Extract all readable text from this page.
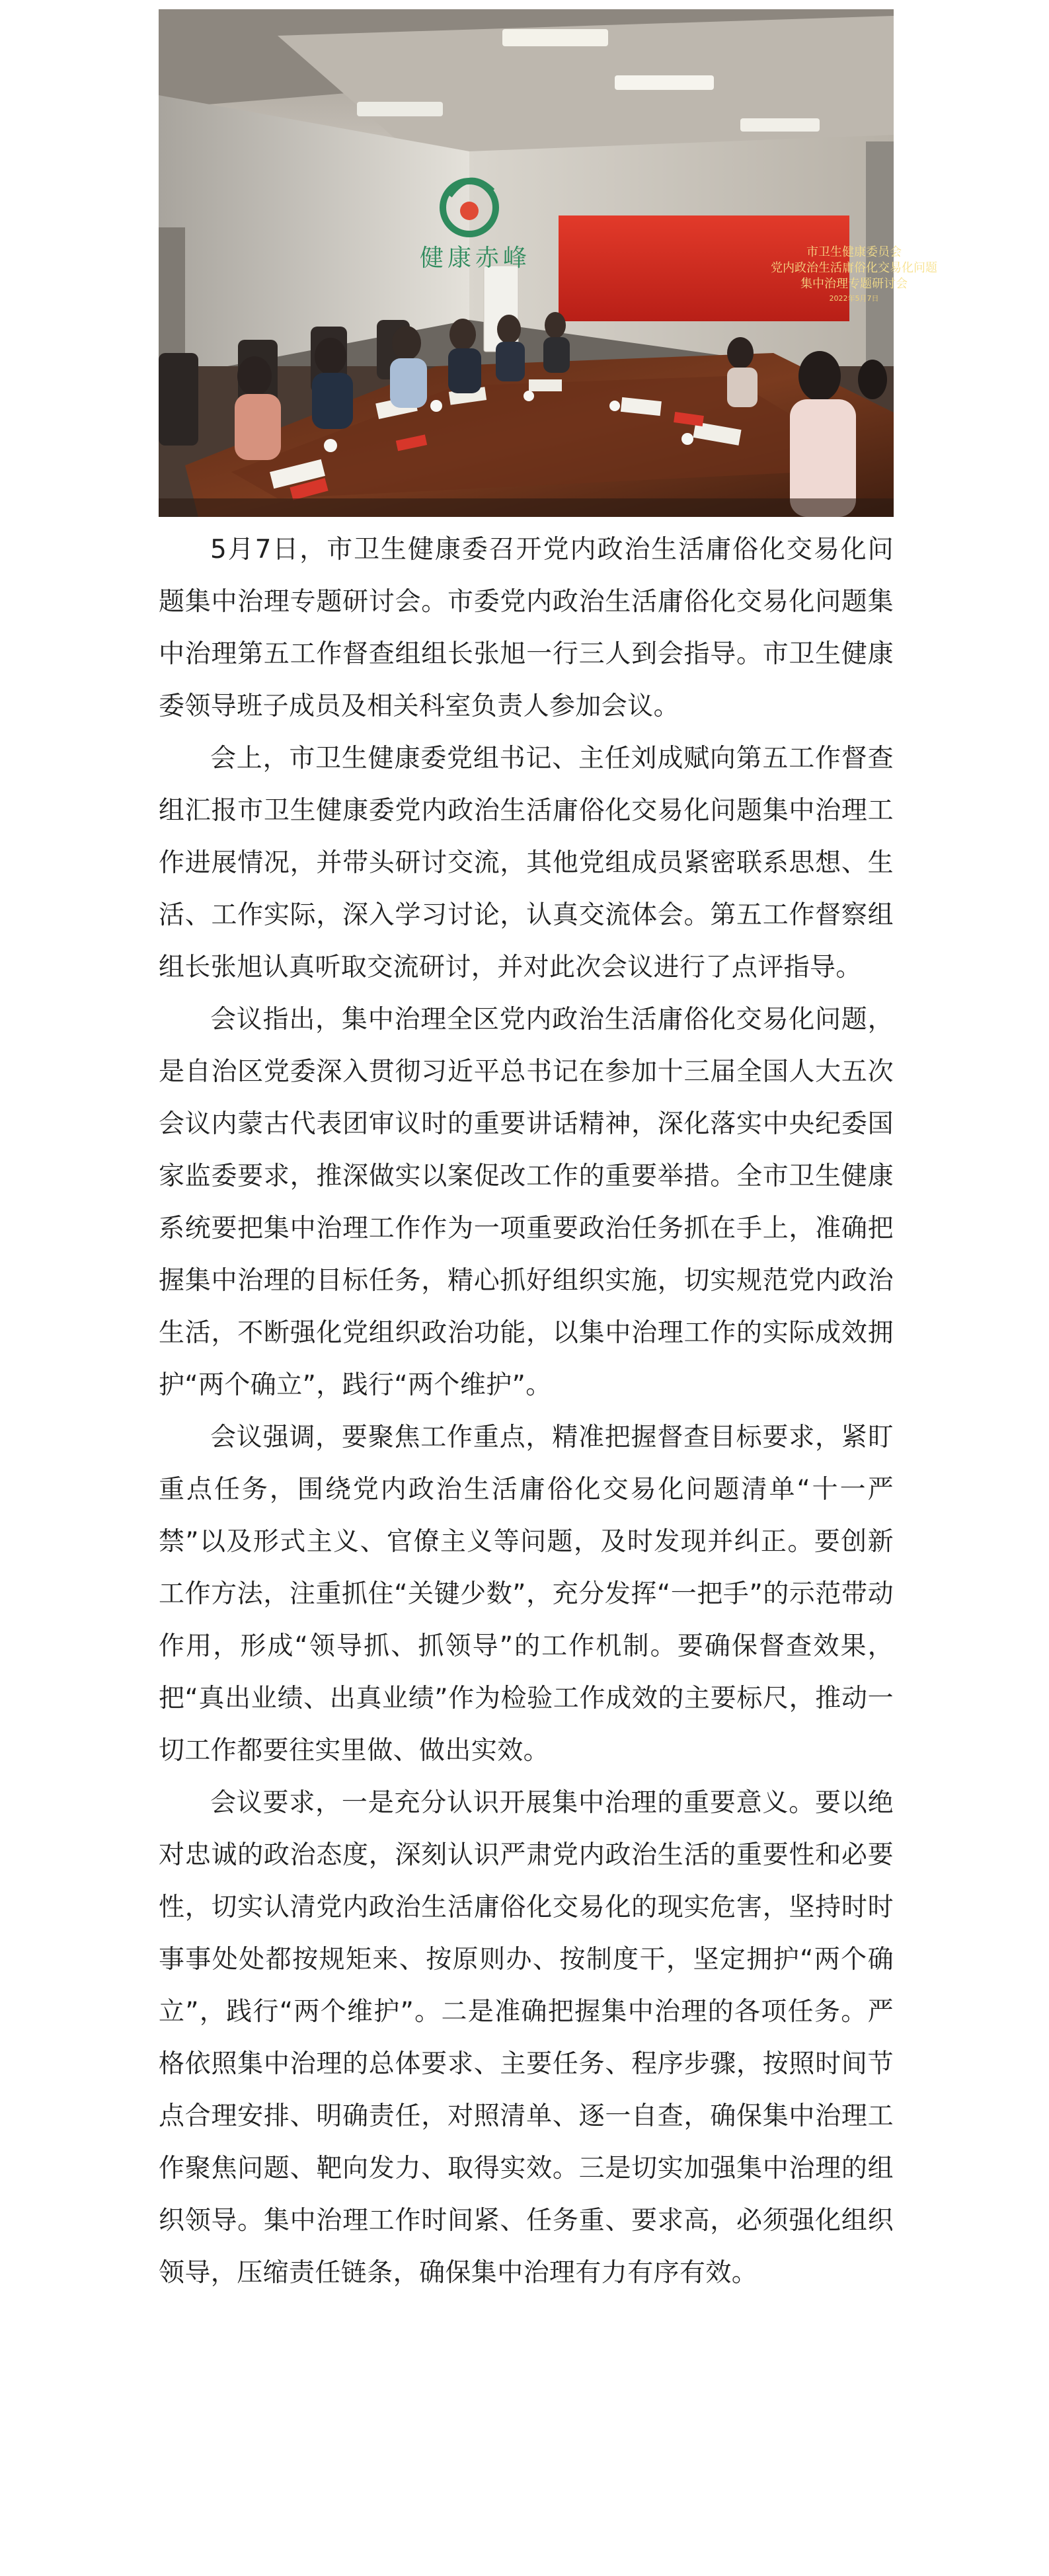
健康赤峰	市卫生健康委员会
党内政治生活庸俗化交易化问题
集中治理专题研讨会
2022年5月7日

5月7日，市卫生健康委召开党内政治生活庸俗化交易化问题集中治理专题研讨会。市委党内政治生活庸俗化交易化问题集中治理第五工作督查组组长张旭一行三人到会指导。市卫生健康委领导班子成员及相关科室负责人参加会议。

会上，市卫生健康委党组书记、主任刘成赋向第五工作督查组汇报市卫生健康委党内政治生活庸俗化交易化问题集中治理工作进展情况，并带头研讨交流，其他党组成员紧密联系思想、生活、工作实际，深入学习讨论，认真交流体会。第五工作督察组组长张旭认真听取交流研讨，并对此次会议进行了点评指导。

会议指出，集中治理全区党内政治生活庸俗化交易化问题，是自治区党委深入贯彻习近平总书记在参加十三届全国人大五次会议内蒙古代表团审议时的重要讲话精神，深化落实中央纪委国家监委要求，推深做实以案促改工作的重要举措。全市卫生健康系统要把集中治理工作作为一项重要政治任务抓在手上，准确把握集中治理的目标任务，精心抓好组织实施，切实规范党内政治生活，不断强化党组织政治功能，以集中治理工作的实际成效拥护“两个确立”，践行“两个维护”。

会议强调，要聚焦工作重点，精准把握督查目标要求，紧盯重点任务，围绕党内政治生活庸俗化交易化问题清单“十一严禁”以及形式主义、官僚主义等问题，及时发现并纠正。要创新工作方法，注重抓住“关键少数”，充分发挥“一把手”的示范带动作用，形成“领导抓、抓领导”的工作机制。要确保督查效果，把“真出业绩、出真业绩”作为检验工作成效的主要标尺，推动一切工作都要往实里做、做出实效。

会议要求，一是充分认识开展集中治理的重要意义。要以绝对忠诚的政治态度，深刻认识严肃党内政治生活的重要性和必要性，切实认清党内政治生活庸俗化交易化的现实危害，坚持时时事事处处都按规矩来、按原则办、按制度干，坚定拥护“两个确立”，践行“两个维护”。二是准确把握集中治理的各项任务。严格依照集中治理的总体要求、主要任务、程序步骤，按照时间节点合理安排、明确责任，对照清单、逐一自查，确保集中治理工作聚焦问题、靶向发力、取得实效。三是切实加强集中治理的组织领导。集中治理工作时间紧、任务重、要求高，必须强化组织领导，压缩责任链条，确保集中治理有力有序有效。
